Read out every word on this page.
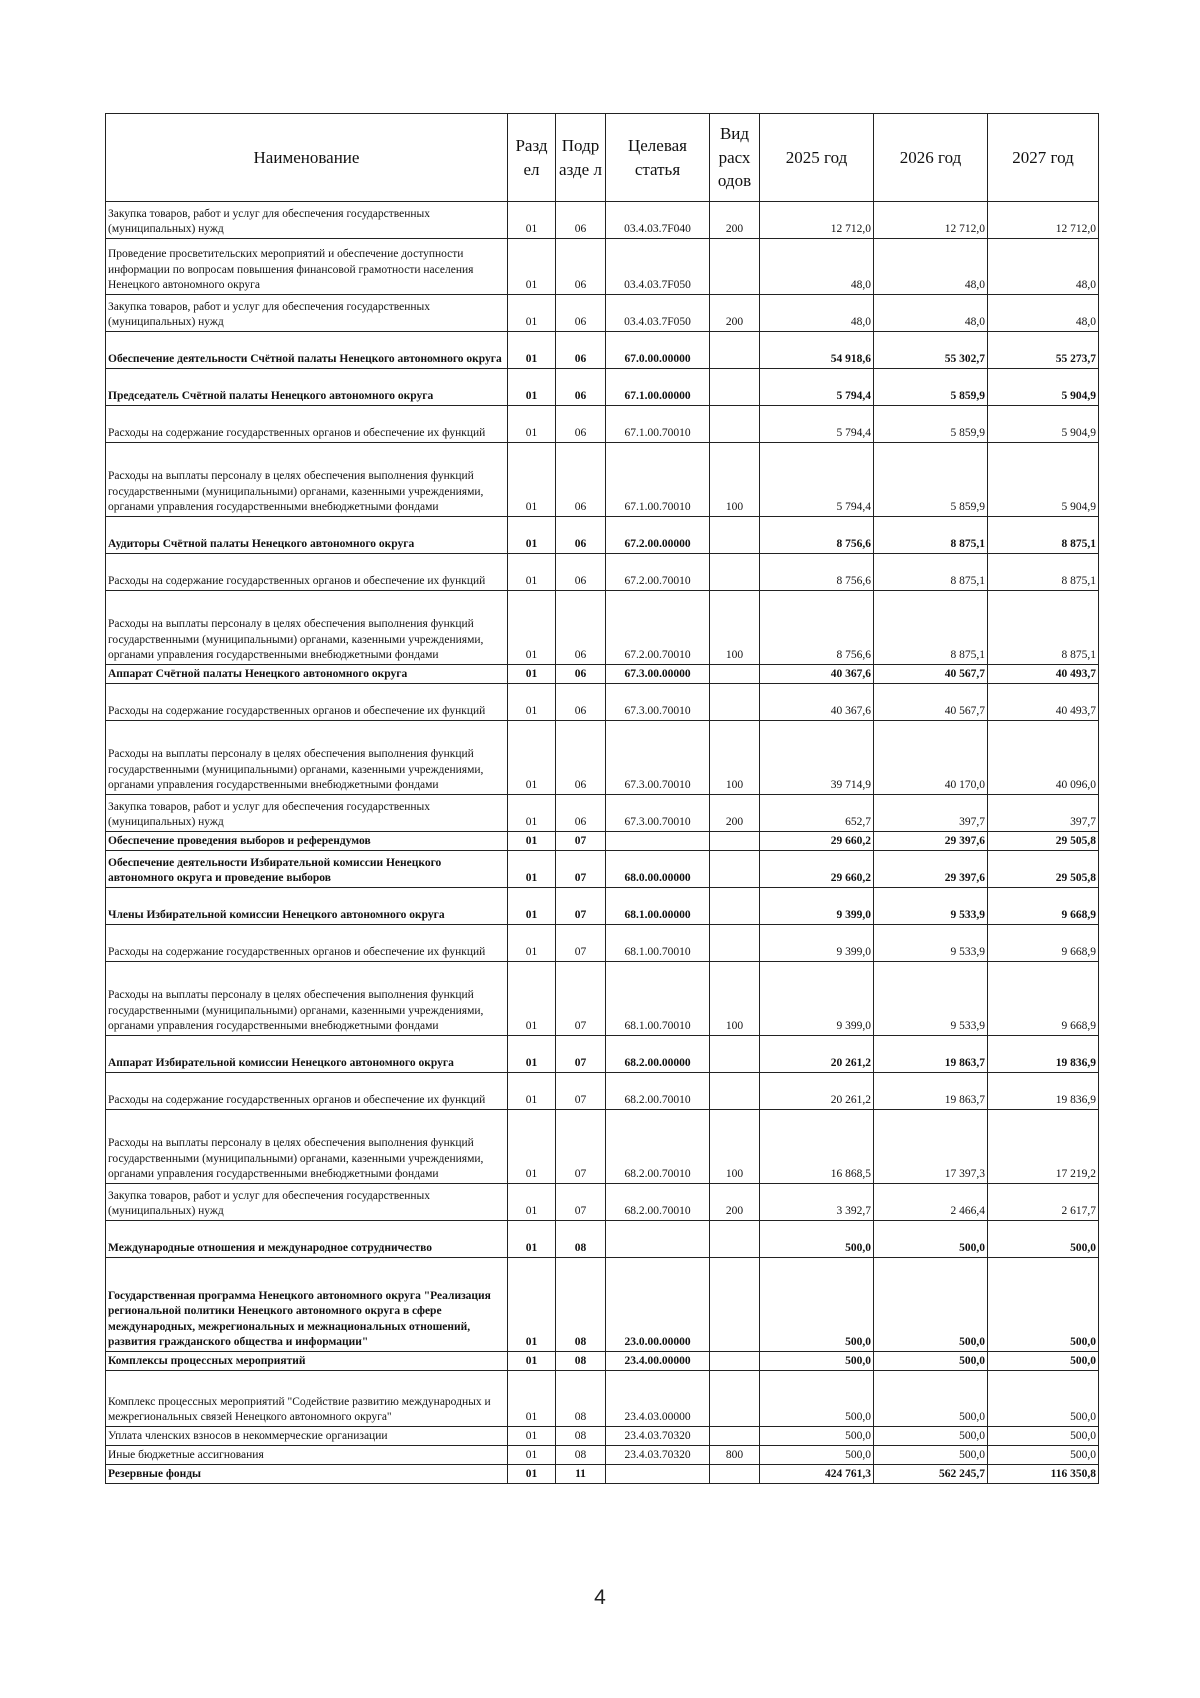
Наименование	Разд ел	Подр азде л	Целевая статья	Вид расх одов	2025 год	2026 год	2027 год
Закупка товаров, работ и услуг для обеспечения государственных (муниципальных) нужд	01	06	03.4.03.7F040	200	12 712,0	12 712,0	12 712,0
Проведение просветительских мероприятий и обеспечение доступности информации по вопросам повышения финансовой грамотности населения Ненецкого автономного округа	01	06	03.4.03.7F050		48,0	48,0	48,0
Закупка товаров, работ и услуг для обеспечения государственных (муниципальных) нужд	01	06	03.4.03.7F050	200	48,0	48,0	48,0
Обеспечение деятельности Счётной палаты Ненецкого автономного округа	01	06	67.0.00.00000		54 918,6	55 302,7	55 273,7
Председатель Счётной палаты Ненецкого автономного округа	01	06	67.1.00.00000		5 794,4	5 859,9	5 904,9
Расходы на содержание государственных органов и обеспечение их функций	01	06	67.1.00.70010		5 794,4	5 859,9	5 904,9
Расходы на выплаты персоналу в целях обеспечения выполнения функций государственными (муниципальными) органами, казенными учреждениями, органами управления государственными внебюджетными фондами	01	06	67.1.00.70010	100	5 794,4	5 859,9	5 904,9
Аудиторы Счётной палаты Ненецкого автономного округа	01	06	67.2.00.00000		8 756,6	8 875,1	8 875,1
Расходы на содержание государственных органов и обеспечение их функций	01	06	67.2.00.70010		8 756,6	8 875,1	8 875,1
Расходы на выплаты персоналу в целях обеспечения выполнения функций государственными (муниципальными) органами, казенными учреждениями, органами управления государственными внебюджетными фондами	01	06	67.2.00.70010	100	8 756,6	8 875,1	8 875,1
Аппарат Счётной палаты Ненецкого автономного округа	01	06	67.3.00.00000		40 367,6	40 567,7	40 493,7
Расходы на содержание государственных органов и обеспечение их функций	01	06	67.3.00.70010		40 367,6	40 567,7	40 493,7
Расходы на выплаты персоналу в целях обеспечения выполнения функций государственными (муниципальными) органами, казенными учреждениями, органами управления государственными внебюджетными фондами	01	06	67.3.00.70010	100	39 714,9	40 170,0	40 096,0
Закупка товаров, работ и услуг для обеспечения государственных (муниципальных) нужд	01	06	67.3.00.70010	200	652,7	397,7	397,7
Обеспечение проведения выборов и референдумов	01	07			29 660,2	29 397,6	29 505,8
Обеспечение деятельности Избирательной комиссии Ненецкого автономного округа и проведение выборов	01	07	68.0.00.00000		29 660,2	29 397,6	29 505,8
Члены Избирательной комиссии Ненецкого автономного округа	01	07	68.1.00.00000		9 399,0	9 533,9	9 668,9
Расходы на содержание государственных органов и обеспечение их функций	01	07	68.1.00.70010		9 399,0	9 533,9	9 668,9
Расходы на выплаты персоналу в целях обеспечения выполнения функций государственными (муниципальными) органами, казенными учреждениями, органами управления государственными внебюджетными фондами	01	07	68.1.00.70010	100	9 399,0	9 533,9	9 668,9
Аппарат Избирательной комиссии Ненецкого автономного округа	01	07	68.2.00.00000		20 261,2	19 863,7	19 836,9
Расходы на содержание государственных органов и обеспечение их функций	01	07	68.2.00.70010		20 261,2	19 863,7	19 836,9
Расходы на выплаты персоналу в целях обеспечения выполнения функций государственными (муниципальными) органами, казенными учреждениями, органами управления государственными внебюджетными фондами	01	07	68.2.00.70010	100	16 868,5	17 397,3	17 219,2
Закупка товаров, работ и услуг для обеспечения государственных (муниципальных) нужд	01	07	68.2.00.70010	200	3 392,7	2 466,4	2 617,7
Международные отношения и международное сотрудничество	01	08			500,0	500,0	500,0
Государственная программа Ненецкого автономного округа "Реализация региональной политики Ненецкого автономного округа в сфере международных, межрегиональных и межнациональных отношений, развития гражданского общества и информации"	01	08	23.0.00.00000		500,0	500,0	500,0
Комплексы процессных мероприятий	01	08	23.4.00.00000		500,0	500,0	500,0
Комплекс процессных мероприятий "Содействие развитию международных и межрегиональных связей Ненецкого автономного округа"	01	08	23.4.03.00000		500,0	500,0	500,0
Уплата членских взносов в некоммерческие организации	01	08	23.4.03.70320		500,0	500,0	500,0
Иные бюджетные ассигнования	01	08	23.4.03.70320	800	500,0	500,0	500,0
Резервные фонды	01	11			424 761,3	562 245,7	116 350,8
4
